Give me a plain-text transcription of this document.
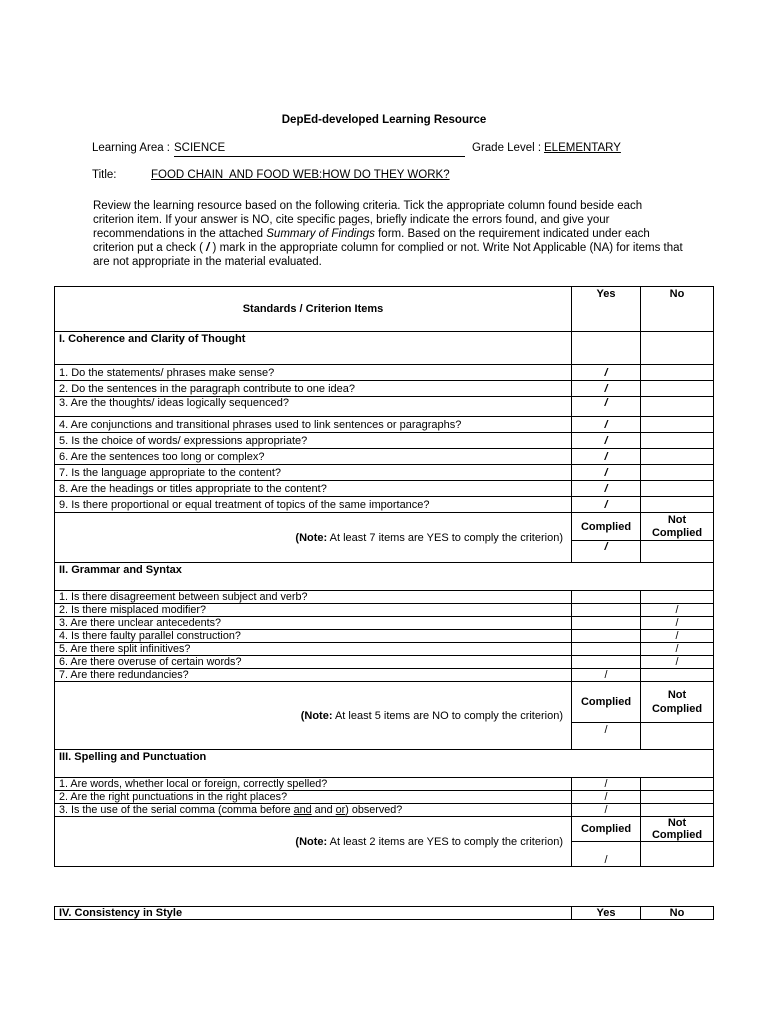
DepEd-developed Learning Resource
Learning Area : SCIENCE	Grade Level : ELEMENTARY
Title:	FOOD CHAIN  AND FOOD WEB:HOW DO THEY WORK?
Review the learning resource based on the following criteria. Tick the appropriate column found beside each criterion item. If your answer is NO, cite specific pages, briefly indicate the errors found, and give your recommendations in the attached Summary of Findings form. Based on the requirement indicated under each criterion put a check ( / ) mark in the appropriate column for complied or not. Write Not Applicable (NA) for items that are not appropriate in the material evaluated.
Standards / Criterion Items	Yes	No
I. Coherence and Clarity of Thought		
1. Do the statements/ phrases make sense?	/	
2. Do the sentences in the paragraph contribute to one idea?	/	
3. Are the thoughts/ ideas logically sequenced?	/	
4. Are conjunctions and transitional phrases used to link sentences or paragraphs?	/	
5. Is the choice of words/ expressions appropriate?	/	
6. Are the sentences too long or complex?	/	
7. Is the language appropriate to the content?	/	
8. Are the headings or titles appropriate to the content?	/	
9. Is there proportional or equal treatment of topics of the same importance?	/	
(Note: At least 7 items are YES to comply the criterion)	Complied	Not Complied
	/	
II. Grammar and Syntax		
1. Is there disagreement between subject and verb?		
2. Is there misplaced modifier?		/
3. Are there unclear antecedents?		/
4. Is there faulty parallel construction?		/
5. Are there split infinitives?		/
6. Are there overuse of certain words?		/
7. Are there redundancies?	/	
(Note: At least 5 items are NO to comply the criterion)	Complied	Not Complied
	/	
III. Spelling and Punctuation		
1. Are words, whether local or foreign, correctly spelled?	/	
2. Are the right punctuations in the right places?	/	
3. Is the use of the serial comma (comma before and and or) observed?	/	
(Note: At least 2 items are YES to comply the criterion)	Complied	Not Complied
	/	
IV. Consistency in Style	Yes	No
